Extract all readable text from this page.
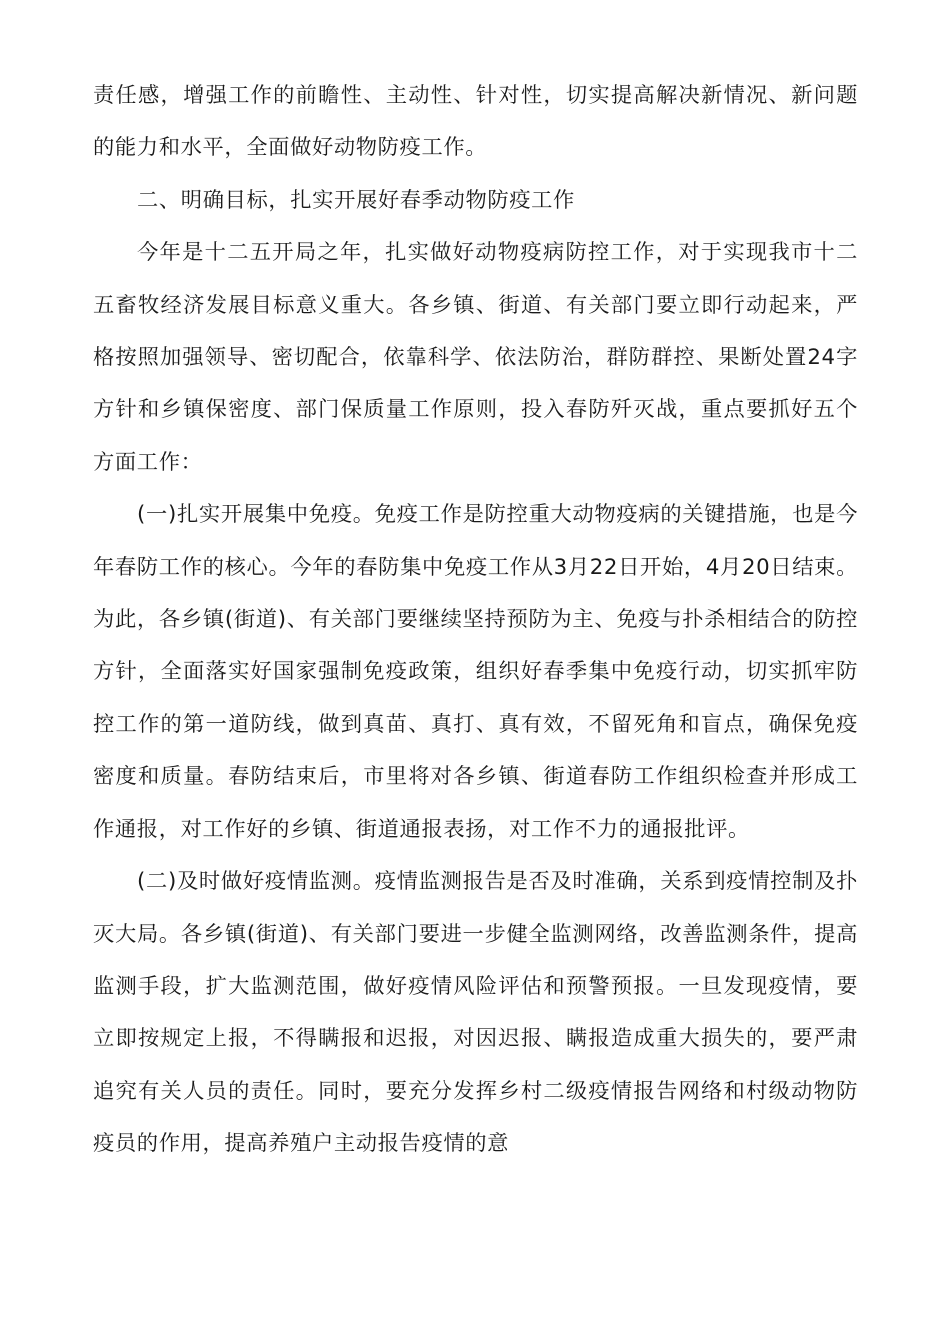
责任感，增强工作的前瞻性、主动性、针对性，切实提高解决新情况、新问题的能力和水平，全面做好动物防疫工作。

二、明确目标，扎实开展好春季动物防疫工作

今年是十二五开局之年，扎实做好动物疫病防控工作，对于实现我市十二五畜牧经济发展目标意义重大。各乡镇、街道、有关部门要立即行动起来，严格按照加强领导、密切配合，依靠科学、依法防治，群防群控、果断处置24字方针和乡镇保密度、部门保质量工作原则，投入春防歼灭战，重点要抓好五个方面工作：

(一)扎实开展集中免疫。免疫工作是防控重大动物疫病的关键措施，也是今年春防工作的核心。今年的春防集中免疫工作从3月22日开始，4月20日结束。为此，各乡镇(街道)、有关部门要继续坚持预防为主、免疫与扑杀相结合的防控方针，全面落实好国家强制免疫政策，组织好春季集中免疫行动，切实抓牢防控工作的第一道防线，做到真苗、真打、真有效，不留死角和盲点，确保免疫密度和质量。春防结束后，市里将对各乡镇、街道春防工作组织检查并形成工作通报，对工作好的乡镇、街道通报表扬，对工作不力的通报批评。

(二)及时做好疫情监测。疫情监测报告是否及时准确，关系到疫情控制及扑灭大局。各乡镇(街道)、有关部门要进一步健全监测网络，改善监测条件，提高监测手段，扩大监测范围，做好疫情风险评估和预警预报。一旦发现疫情，要立即按规定上报，不得瞒报和迟报，对因迟报、瞒报造成重大损失的，要严肃追究有关人员的责任。同时，要充分发挥乡村二级疫情报告网络和村级动物防疫员的作用，提高养殖户主动报告疫情的意
